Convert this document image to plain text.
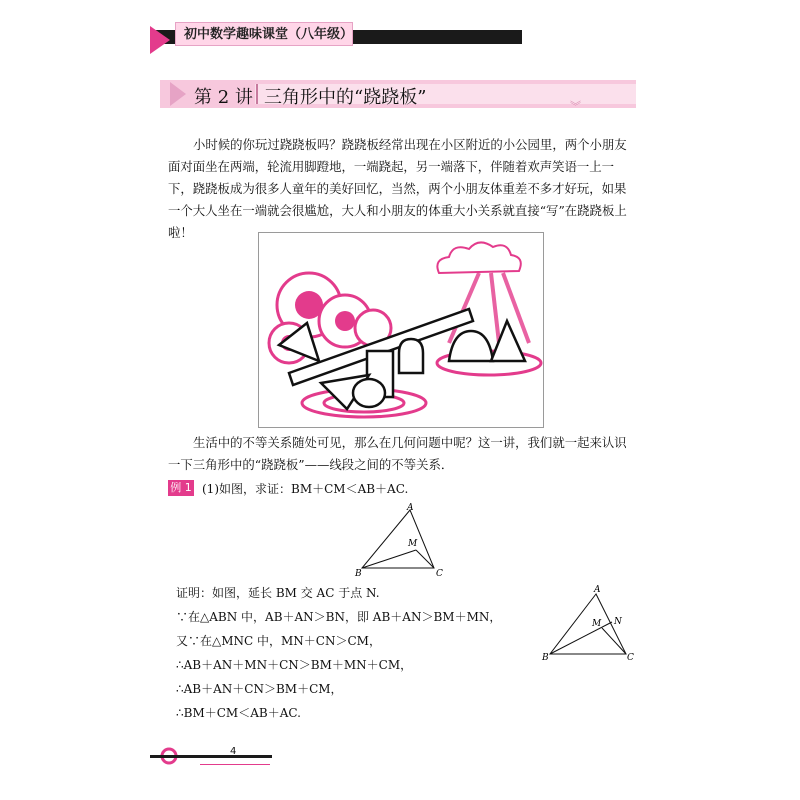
初中数学趣味课堂（八年级）
第 2 讲 三角形中的“跷跷板”	︾
小时候的你玩过跷跷板吗？跷跷板经常出现在小区附近的小公园里，两个小朋友面对面坐在两端，轮流用脚蹬地，一端跷起，另一端落下，伴随着欢声笑语一上一下，跷跷板成为很多人童年的美好回忆，当然，两个小朋友体重差不多才好玩，如果一个大人坐在一端就会很尴尬，大人和小朋友的体重大小关系就直接“写”在跷跷板上啦！
生活中的不等关系随处可见，那么在几何问题中呢？这一讲，我们就一起来认识一下三角形中的“跷跷板”——线段之间的不等关系．
例 1 (1)如图，求证：BM＋CM＜AB＋AC.
A
M
B	C
证明：如图，延长 BM 交 AC 于点 N.
∵在△ABN 中，AB＋AN＞BN，即 AB＋AN＞BM＋MN，
又∵在△MNC 中，MN＋CN＞CM，
∴AB＋AN＋MN＋CN＞BM＋MN＋CM，
∴AB＋AN＋CN＞BM＋CM，
∴BM＋CM＜AB＋AC.
A
M N
B	C
4
